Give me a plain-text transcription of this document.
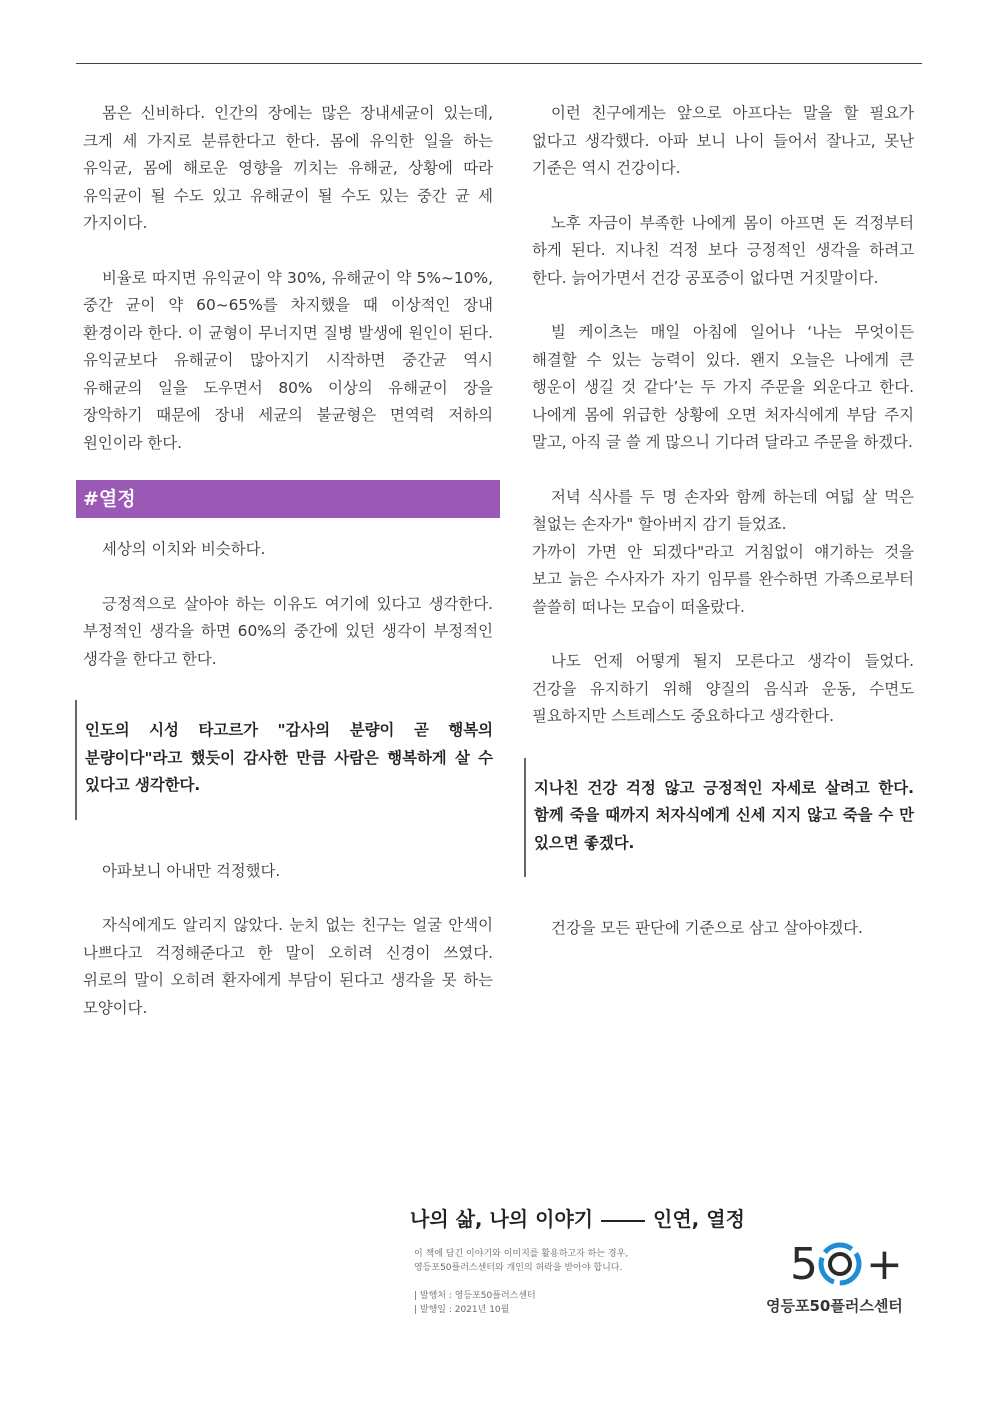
몸은 신비하다. 인간의 장에는 많은 장내세균이 있는데, 크게 세 가지로 분류한다고 한다. 몸에 유익한 일을 하는 유익균, 몸에 해로운 영향을 끼치는 유해균, 상황에 따라 유익균이 될 수도 있고 유해균이 될 수도 있는 중간 균 세 가지이다.

비율로 따지면 유익균이 약 30%, 유해균이 약 5%~10%, 중간 균이 약 60~65%를 차지했을 때 이상적인 장내 환경이라 한다. 이 균형이 무너지면 질병 발생에 원인이 된다. 유익균보다 유해균이 많아지기 시작하면 중간균 역시 유해균의 일을 도우면서 80% 이상의 유해균이 장을 장악하기 때문에 장내 세균의 불균형은 면역력 저하의 원인이라 한다.

#열정

세상의 이치와 비슷하다.

긍정적으로 살아야 하는 이유도 여기에 있다고 생각한다. 부정적인 생각을 하면 60%의 중간에 있던 생각이 부정적인 생각을 한다고 한다.

인도의 시성 타고르가 "감사의 분량이 곧 행복의 분량이다"라고 했듯이 감사한 만큼 사람은 행복하게 살 수 있다고 생각한다.

아파보니 아내만 걱정했다.

자식에게도 알리지 않았다. 눈치 없는 친구는 얼굴 안색이 나쁘다고 걱정해준다고 한 말이 오히려 신경이 쓰였다. 위로의 말이 오히려 환자에게 부담이 된다고 생각을 못 하는 모양이다.

이런 친구에게는 앞으로 아프다는 말을 할 필요가 없다고 생각했다. 아파 보니 나이 들어서 잘나고, 못난 기준은 역시 건강이다.

노후 자금이 부족한 나에게 몸이 아프면 돈 걱정부터 하게 된다. 지나친 걱정 보다 긍정적인 생각을 하려고 한다. 늙어가면서 건강 공포증이 없다면 거짓말이다.

빌 케이츠는 매일 아침에 일어나 ‘나는 무엇이든 해결할 수 있는 능력이 있다. 왠지 오늘은 나에게 큰 행운이 생길 것 같다’는 두 가지 주문을 외운다고 한다. 나에게 몸에 위급한 상황에 오면 처자식에게 부담 주지 말고, 아직 글 쓸 게 많으니 기다려 달라고 주문을 하겠다.

저녁 식사를 두 명 손자와 함께 하는데 여덟 살 먹은 철없는 손자가" 할아버지 감기 들었죠.

가까이 가면 안 되겠다"라고 거침없이 얘기하는 것을 보고 늙은 수사자가 자기 임무를 완수하면 가족으로부터 쓸쓸히 떠나는 모습이 떠올랐다.

나도 언제 어떻게 될지 모른다고 생각이 들었다. 건강을 유지하기 위해 양질의 음식과 운동, 수면도 필요하지만 스트레스도 중요하다고 생각한다.

지나친 건강 걱정 않고 긍정적인 자세로 살려고 한다. 함께 죽을 때까지 처자식에게 신세 지지 않고 죽을 수 만 있으면 좋겠다.

건강을 모든 판단에 기준으로 삼고 살아야겠다.

나의 삶, 나의 이야기	인연, 열정
이 책에 담긴 이야기와 이미지를 활용하고자 하는 경우,
영등포50플러스센터와 개인의 허락을 받아야 합니다.
| 발행처 : 영등포50플러스센터
| 발행일 : 2021년 10월
5 +
영등포50플러스센터
